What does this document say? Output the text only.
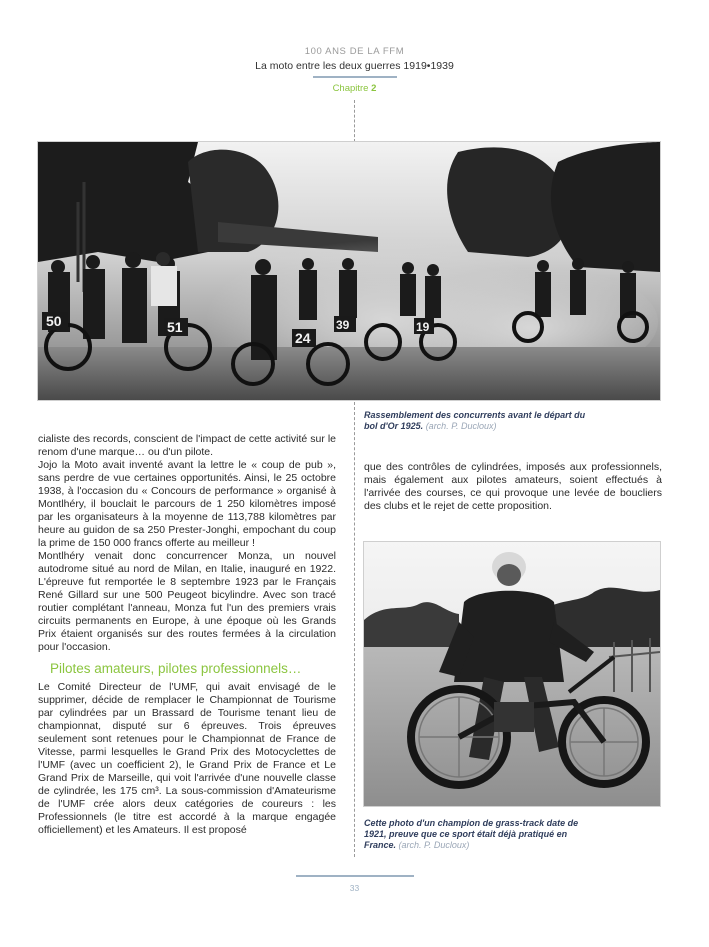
100 ANS DE LA FFM
La moto entre les deux guerres 1919•1939
Chapitre 2
50	51
24
39	19
Rassemblement des concurrents avant le départ du bol d'Or 1925. (arch. P. Ducloux)

cialiste des records, conscient de l'impact de cette activité sur le renom d'une marque… ou d'un pilote.

Jojo la Moto avait inventé avant la lettre le « coup de pub », sans perdre de vue certaines opportunités. Ainsi, le 25 octobre 1938, à l'occasion du « Concours de performance » organisé à Montlhéry, il bouclait le parcours de 1 250 kilomètres imposé par les organisateurs à la moyenne de 113,788 kilomètres par heure au guidon de sa 250 Prester-Jonghi, empochant du coup la prime de 150 000 francs offerte au meilleur !

Montlhéry venait donc concurrencer Monza, un nouvel autodrome situé au nord de Milan, en Italie, inauguré en 1922. L'épreuve fut remportée le 8 septembre 1923 par le Français René Gillard sur une 500 Peugeot bicylindre. Avec son tracé routier complétant l'anneau, Monza fut l'un des premiers vrais circuits permanents en Europe, à une époque où les Grands Prix étaient organisés sur des routes fermées à la circulation pour l'occasion.

Pilotes amateurs, pilotes professionnels…

Le Comité Directeur de l'UMF, qui avait envisagé de le supprimer, décide de remplacer le Championnat de Tourisme par cylindrées par un Brassard de Tourisme tenant lieu de championnat, disputé sur 6 épreuves. Trois épreuves seulement sont retenues pour le Championnat de France de Vitesse, parmi lesquelles le Grand Prix des Motocyclettes de l'UMF (avec un coefficient 2), le Grand Prix de France et Le Grand Prix de Marseille, qui voit l'arrivée d'une nouvelle classe de cylindrée, les 175 cm³. La sous-commission d'Amateurisme de l'UMF crée alors deux catégories de coureurs : les Professionnels (le titre est accordé à la marque engagée officiellement) et les Amateurs. Il est proposé

que des contrôles de cylindrées, imposés aux professionnels, mais également aux pilotes amateurs, soient effectués à l'arrivée des courses, ce qui provoque une levée de boucliers des clubs et le rejet de cette proposition.

Cette photo d'un champion de grass-track date de 1921, preuve que ce sport était déjà pratiqué en France. (arch. P. Ducloux)
33
